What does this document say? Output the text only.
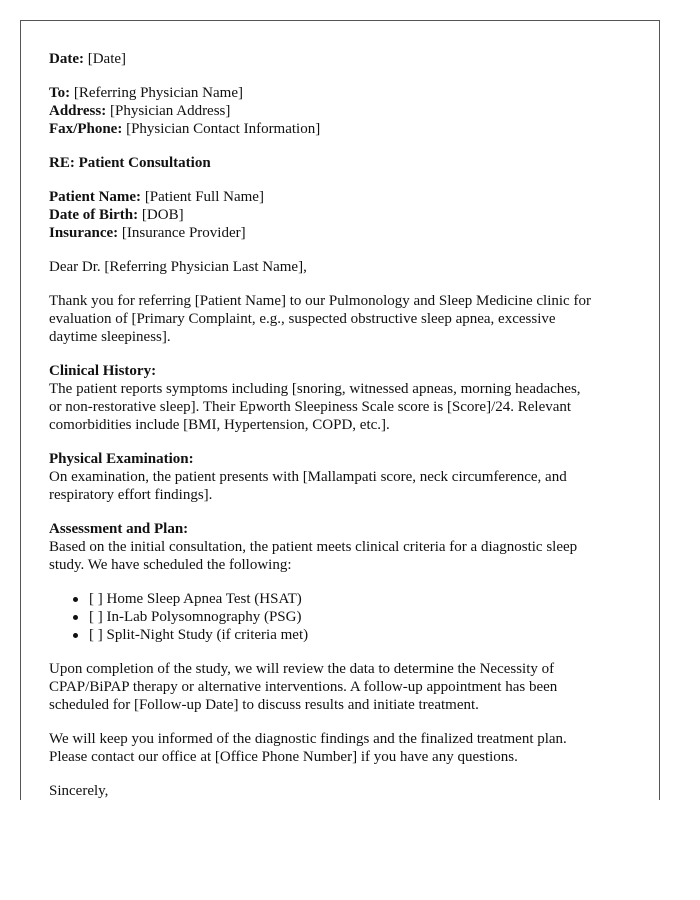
Date: [Date]
To: [Referring Physician Name]
Address: [Physician Address]
Fax/Phone: [Physician Contact Information]
RE: Patient Consultation
Patient Name: [Patient Full Name]
Date of Birth: [DOB]
Insurance: [Insurance Provider]
Dear Dr. [Referring Physician Last Name],
Thank you for referring [Patient Name] to our Pulmonology and Sleep Medicine clinic for
evaluation of [Primary Complaint, e.g., suspected obstructive sleep apnea, excessive
daytime sleepiness].
Clinical History:
The patient reports symptoms including [snoring, witnessed apneas, morning headaches,
or non-restorative sleep]. Their Epworth Sleepiness Scale score is [Score]/24. Relevant
comorbidities include [BMI, Hypertension, COPD, etc.].
Physical Examination:
On examination, the patient presents with [Mallampati score, neck circumference, and
respiratory effort findings].
Assessment and Plan:
Based on the initial consultation, the patient meets clinical criteria for a diagnostic sleep
study. We have scheduled the following:
[ ] Home Sleep Apnea Test (HSAT)
[ ] In-Lab Polysomnography (PSG)
[ ] Split-Night Study (if criteria met)
Upon completion of the study, we will review the data to determine the Necessity of
CPAP/BiPAP therapy or alternative interventions. A follow-up appointment has been
scheduled for [Follow-up Date] to discuss results and initiate treatment.
We will keep you informed of the diagnostic findings and the finalized treatment plan.
Please contact our office at [Office Phone Number] if you have any questions.
Sincerely,
